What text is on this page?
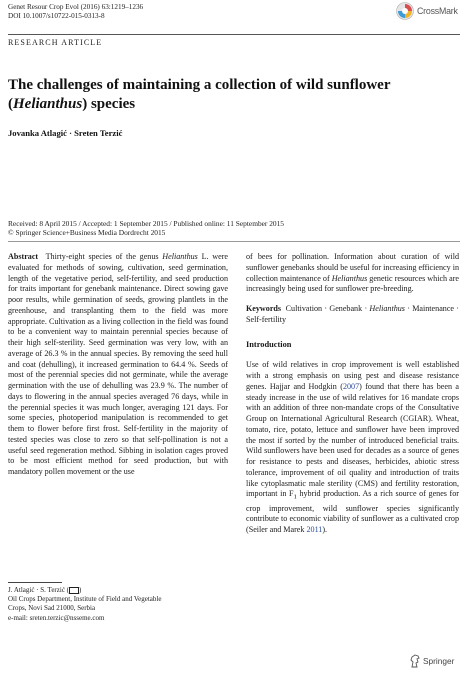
Genet Resour Crop Evol (2016) 63:1219–1236
DOI 10.1007/s10722-015-0313-8	CrossMark
RESEARCH ARTICLE
The challenges of maintaining a collection of wild sunflower (Helianthus) species
Jovanka Atlagić · Sreten Terzić
Received: 8 April 2015 / Accepted: 1 September 2015 / Published online: 11 September 2015
© Springer Science+Business Media Dordrecht 2015
Abstract Thirty-eight species of the genus Helianthus L. were evaluated for methods of sowing, cultivation, seed germination, length of the vegetative period, self-fertility, and seed production for traits important for genebank maintenance. Direct sowing gave poor results, while germination of seeds, growing plantlets in the greenhouse, and transplanting them to the field was more appropriate. Cultivation as a living collection in the field was found to be a convenient way to maintain perennial species because of their high self-sterility. Seed germination was very low, with an average of 26.3 % in the annual species. By removing the seed hull and coat (dehulling), it increased germination to 64.4 %. Seeds of most of the perennial species did not germinate, while the average germination with the use of dehulling was 23.9 %. The number of days to flowering in the annual species averaged 76 days, while in the perennial species it was much longer, averaging 121 days. For some species, photoperiod manipulation is recommended to get them to flower before first frost. Self-fertility in the majority of tested species was close to zero so that self-pollination is not a useful seed regeneration method. Sibbing in isolation cages proved to be most efficient method for seed production, but with mandatory pollen movement or the use
of bees for pollination. Information about curation of wild sunflower genebanks should be useful for increasing efficiency in collection maintenance of Helianthus genetic resources which are increasingly being used for sunflower pre-breeding.
Keywords Cultivation · Genebank · Helianthus · Maintenance · Self-fertility
Introduction
Use of wild relatives in crop improvement is well established with a strong emphasis on using pest and disease resistance genes. Hajjar and Hodgkin (2007) found that there has been a steady increase in the use of wild relatives for 16 mandate crops with an addition of three non-mandate crops of the Consultative Group on International Agricultural Research (CGIAR). Wheat, tomato, rice, potato, lettuce and sunflower have been improved the most if sorted by the number of introduced beneficial traits. Wild sunflowers have been used for decades as a source of genes for resistance to pests and diseases, herbicides, abiotic stress tolerance, improvement of oil quality and introduction of traits like cytoplasmatic male sterility (CMS) and fertility restoration, important in $F_1$ hybrid production. As a rich source of genes for crop improvement, wild sunflower species significantly contribute to economic viability of sunflower as a cultivated crop (Seiler and Marek 2011).
J. Atlagić · S. Terzić ( )
Oil Crops Department, Institute of Field and Vegetable
Crops, Novi Sad 21000, Serbia
e-mail: sreten.terzic@nsseme.com
Springer
